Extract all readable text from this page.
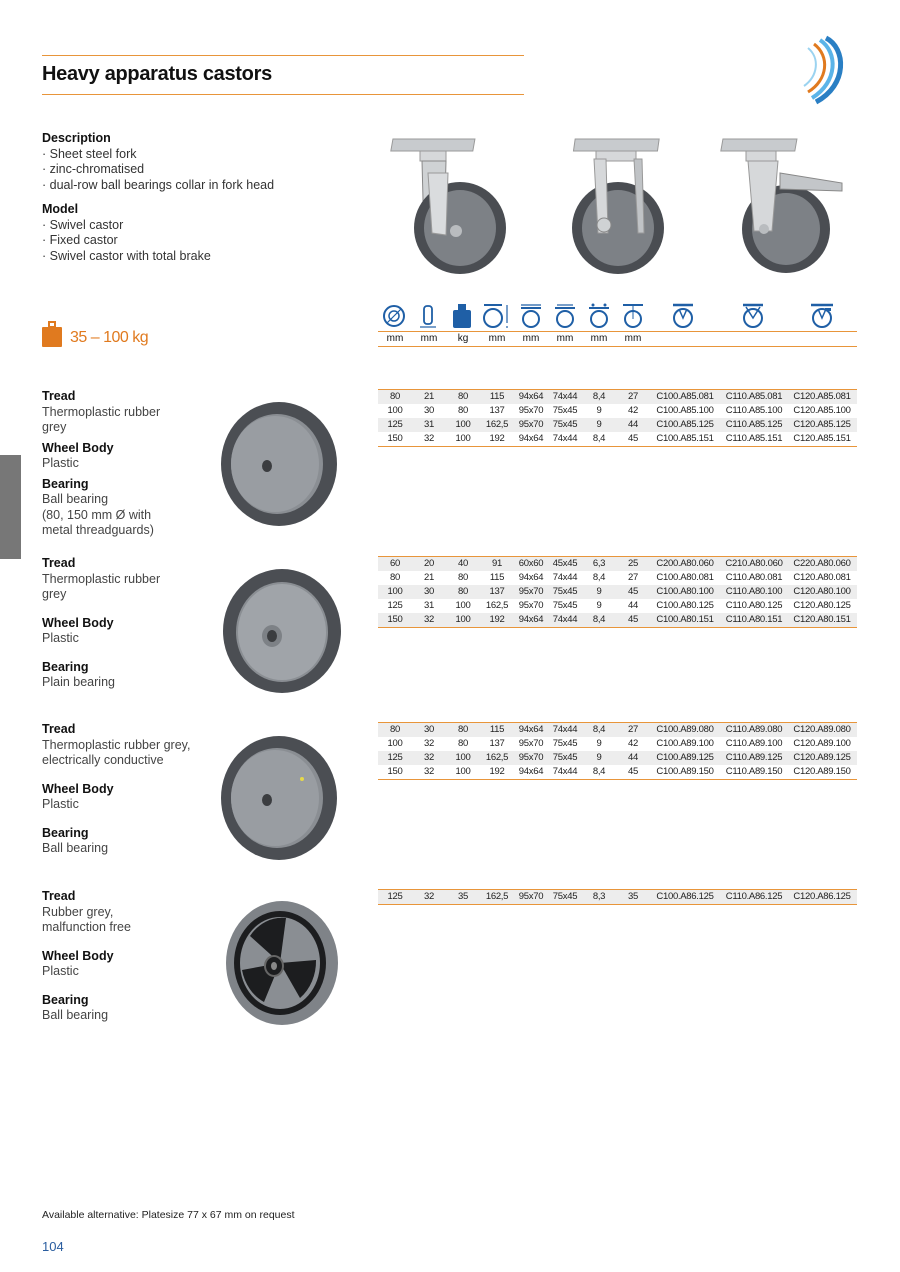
Heavy apparatus castors
Description
· Sheet steel fork
· zinc-chromatised
· dual-row ball bearings collar in fork head
Model
· Swivel castor
· Fixed castor
· Swivel castor with total brake
35 – 100 kg	mm	mm	kg	mm	mm	mm	mm	mm
Tread
Thermoplastic rubber
grey
Wheel Body
Plastic
Bearing
Ball bearing
(80, 150 mm Ø with
metal threadguards)
80	21	80	115	94x64	74x44	8,4	27	C100.A85.081	C110.A85.081	C120.A85.081
100	30	80	137	95x70	75x45	9	42	C100.A85.100	C110.A85.100	C120.A85.100
125	31	100	162,5	95x70	75x45	9	44	C100.A85.125	C110.A85.125	C120.A85.125
150	32	100	192	94x64	74x44	8,4	45	C100.A85.151	C110.A85.151	C120.A85.151
Tread
Thermoplastic rubber
grey
Wheel Body
Plastic
Bearing
Plain bearing
60	20	40	91	60x60	45x45	6,3	25	C200.A80.060	C210.A80.060	C220.A80.060
80	21	80	115	94x64	74x44	8,4	27	C100.A80.081	C110.A80.081	C120.A80.081
100	30	80	137	95x70	75x45	9	45	C100.A80.100	C110.A80.100	C120.A80.100
125	31	100	162,5	95x70	75x45	9	44	C100.A80.125	C110.A80.125	C120.A80.125
150	32	100	192	94x64	74x44	8,4	45	C100.A80.151	C110.A80.151	C120.A80.151
Tread
Thermoplastic rubber grey,
electrically conductive
Wheel Body
Plastic
Bearing
Ball bearing
80	30	80	115	94x64	74x44	8,4	27	C100.A89.080	C110.A89.080	C120.A89.080
100	32	80	137	95x70	75x45	9	42	C100.A89.100	C110.A89.100	C120.A89.100
125	32	100	162,5	95x70	75x45	9	44	C100.A89.125	C110.A89.125	C120.A89.125
150	32	100	192	94x64	74x44	8,4	45	C100.A89.150	C110.A89.150	C120.A89.150
Tread
Rubber grey,
malfunction free
Wheel Body
Plastic
Bearing
Ball bearing
125	32	35	162,5	95x70	75x45	8,3	35	C100.A86.125	C110.A86.125	C120.A86.125
Available alternative: Platesize 77 x 67 mm on request
104
